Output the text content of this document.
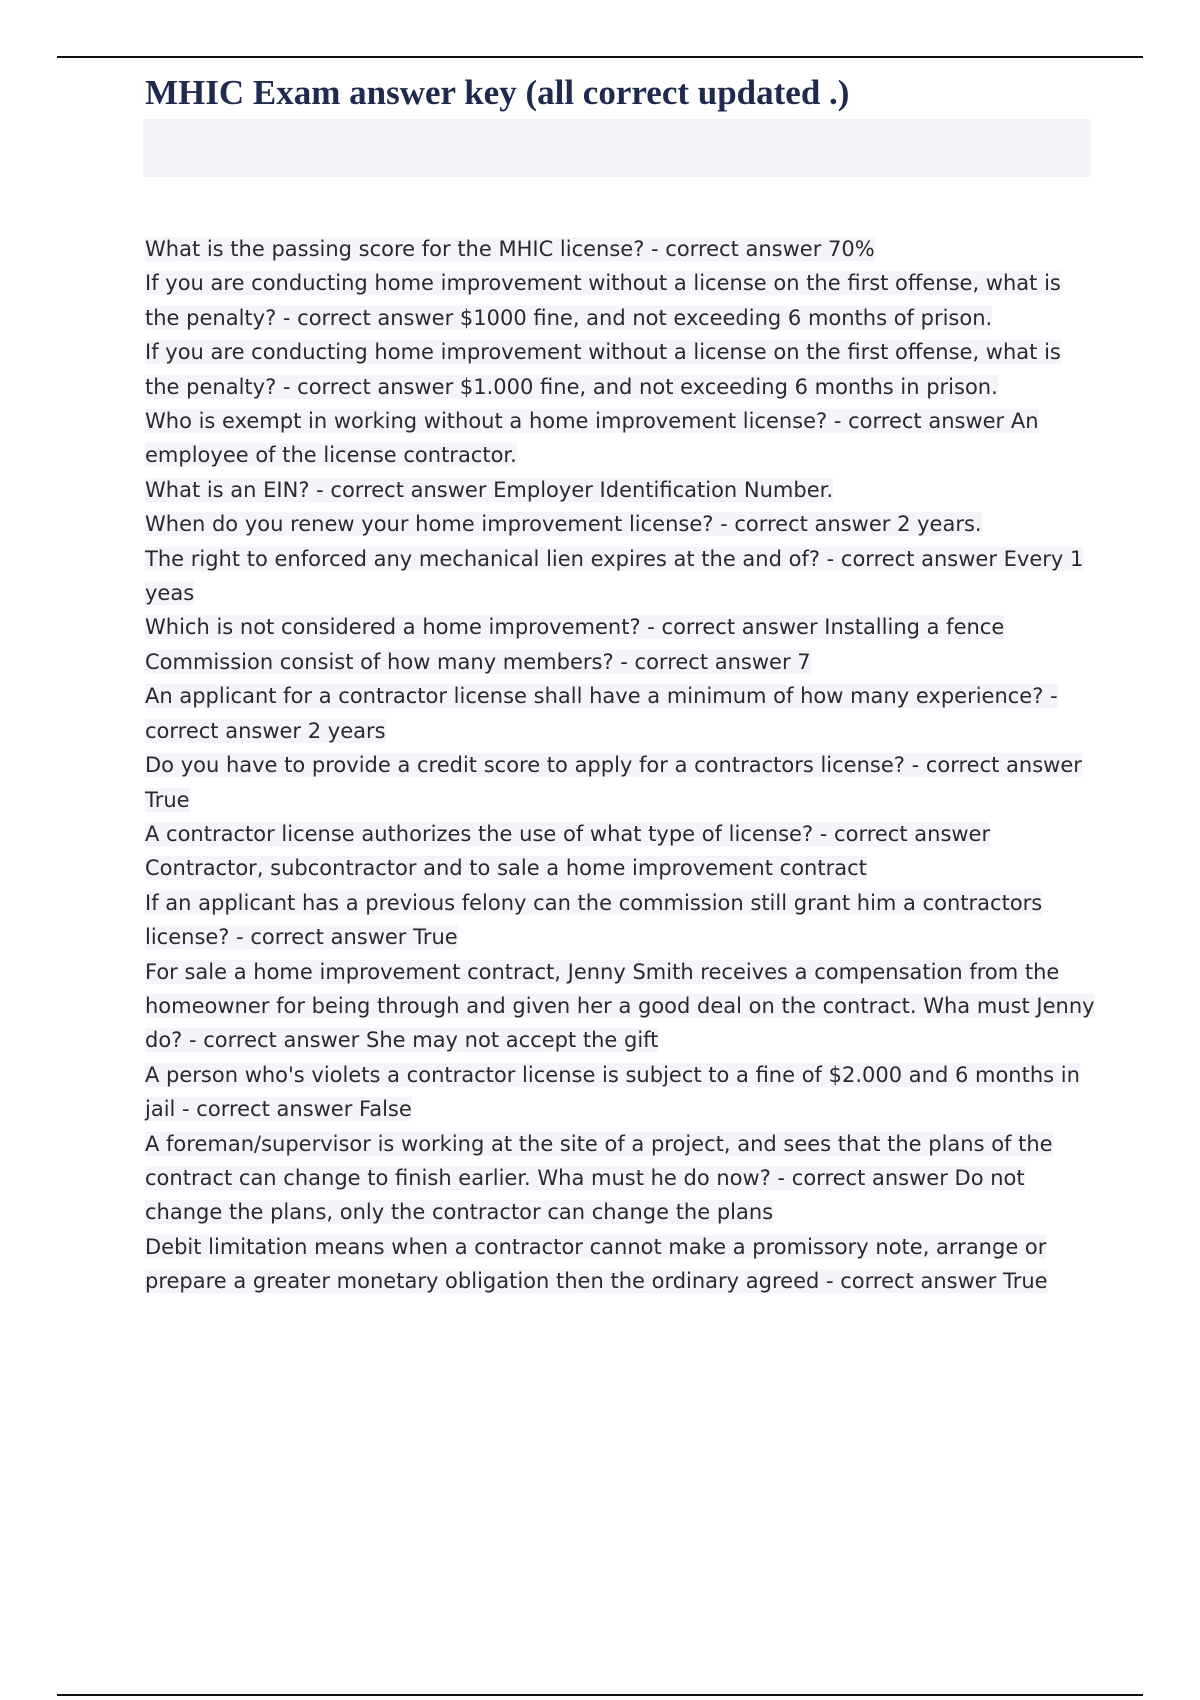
MHIC Exam answer key (all correct updated .)

What is the passing score for the MHIC license? - correct answer 70%

If you are conducting home improvement without a license on the first offense, what is the penalty? - correct answer $1000 fine, and not exceeding 6 months of prison.

If you are conducting home improvement without a license on the first offense, what is the penalty? - correct answer $1.000 fine, and not exceeding 6 months in prison.

Who is exempt in working without a home improvement license? - correct answer An employee of the license contractor.

What is an EIN? - correct answer Employer Identification Number.

When do you renew your home improvement license? - correct answer 2 years.

The right to enforced any mechanical lien expires at the and of? - correct answer Every 1 yeas

Which is not considered a home improvement? - correct answer Installing a fence

Commission consist of how many members? - correct answer 7

An applicant for a contractor license shall have a minimum of how many experience? - correct answer 2 years

Do you have to provide a credit score to apply for a contractors license? - correct answer True

A contractor license authorizes the use of what type of license? - correct answer Contractor, subcontractor and to sale a home improvement contract

If an applicant has a previous felony can the commission still grant him a contractors license? - correct answer True

For sale a home improvement contract, Jenny Smith receives a compensation from the homeowner for being through and given her a good deal on the contract. Wha must Jenny do? - correct answer She may not accept the gift

A person who's violets a contractor license is subject to a fine of $2.000 and 6 months in jail - correct answer False

A foreman/supervisor is working at the site of a project, and sees that the plans of the contract can change to finish earlier. Wha must he do now? - correct answer Do not change the plans, only the contractor can change the plans

Debit limitation means when a contractor cannot make a promissory note, arrange or prepare a greater monetary obligation then the ordinary agreed - correct answer True
